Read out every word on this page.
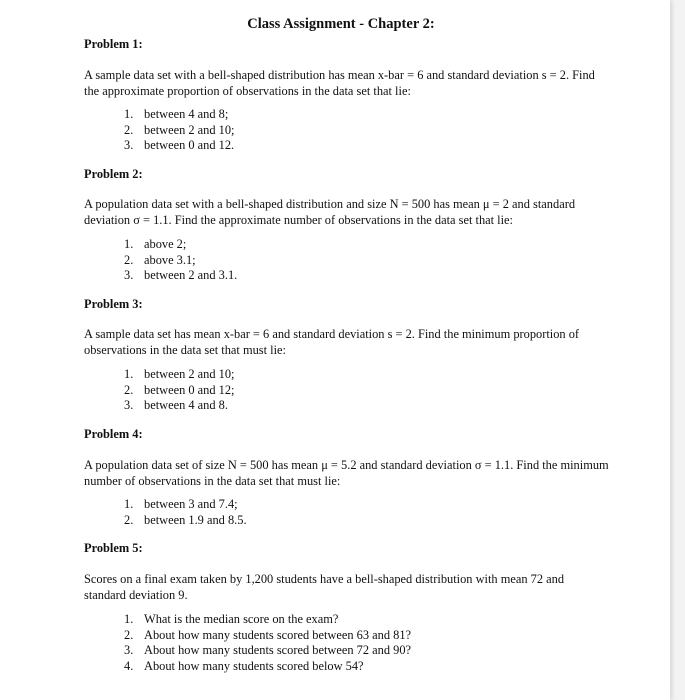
Class Assignment - Chapter 2:
Problem 1:
A sample data set with a bell-shaped distribution has mean x-bar = 6 and standard deviation s = 2. Find the approximate proportion of observations in the data set that lie:
1. between 4 and 8;
2. between 2 and 10;
3. between 0 and 12.
Problem 2:
A population data set with a bell-shaped distribution and size N = 500 has mean μ = 2 and standard deviation σ = 1.1. Find the approximate number of observations in the data set that lie:
1. above 2;
2. above 3.1;
3. between 2 and 3.1.
Problem 3:
A sample data set has mean x-bar = 6 and standard deviation s = 2. Find the minimum proportion of observations in the data set that must lie:
1. between 2 and 10;
2. between 0 and 12;
3. between 4 and 8.
Problem 4:
A population data set of size N = 500 has mean μ = 5.2 and standard deviation σ = 1.1. Find the minimum number of observations in the data set that must lie:
1. between 3 and 7.4;
2. between 1.9 and 8.5.
Problem 5:
Scores on a final exam taken by 1,200 students have a bell-shaped distribution with mean 72 and standard deviation 9.
1. What is the median score on the exam?
2. About how many students scored between 63 and 81?
3. About how many students scored between 72 and 90?
4. About how many students scored below 54?
